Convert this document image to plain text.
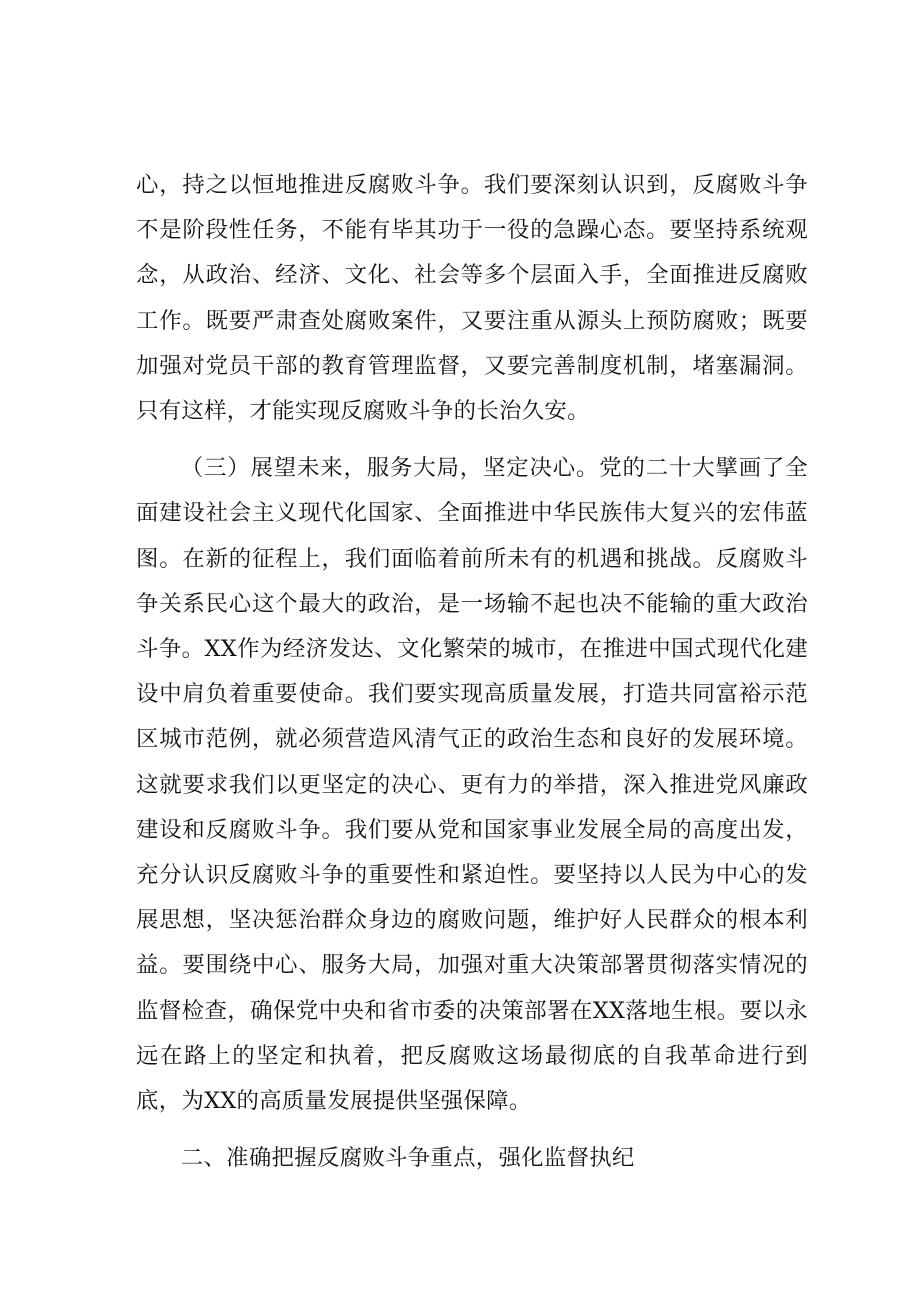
心，持之以恒地推进反腐败斗争。我们要深刻认识到，反腐败斗争不是阶段性任务，不能有毕其功于一役的急躁心态。要坚持系统观念，从政治、经济、文化、社会等多个层面入手，全面推进反腐败工作。既要严肃查处腐败案件，又要注重从源头上预防腐败；既要加强对党员干部的教育管理监督，又要完善制度机制，堵塞漏洞。只有这样，才能实现反腐败斗争的长治久安。

（三）展望未来，服务大局，坚定决心。党的二十大擘画了全面建设社会主义现代化国家、全面推进中华民族伟大复兴的宏伟蓝图。在新的征程上，我们面临着前所未有的机遇和挑战。反腐败斗争关系民心这个最大的政治，是一场输不起也决不能输的重大政治斗争。XX作为经济发达、文化繁荣的城市，在推进中国式现代化建设中肩负着重要使命。我们要实现高质量发展，打造共同富裕示范区城市范例，就必须营造风清气正的政治生态和良好的发展环境。这就要求我们以更坚定的决心、更有力的举措，深入推进党风廉政建设和反腐败斗争。我们要从党和国家事业发展全局的高度出发，充分认识反腐败斗争的重要性和紧迫性。要坚持以人民为中心的发展思想，坚决惩治群众身边的腐败问题，维护好人民群众的根本利益。要围绕中心、服务大局，加强对重大决策部署贯彻落实情况的监督检查，确保党中央和省市委的决策部署在XX落地生根。要以永远在路上的坚定和执着，把反腐败这场最彻底的自我革命进行到底，为XX的高质量发展提供坚强保障。

二、准确把握反腐败斗争重点，强化监督执纪
